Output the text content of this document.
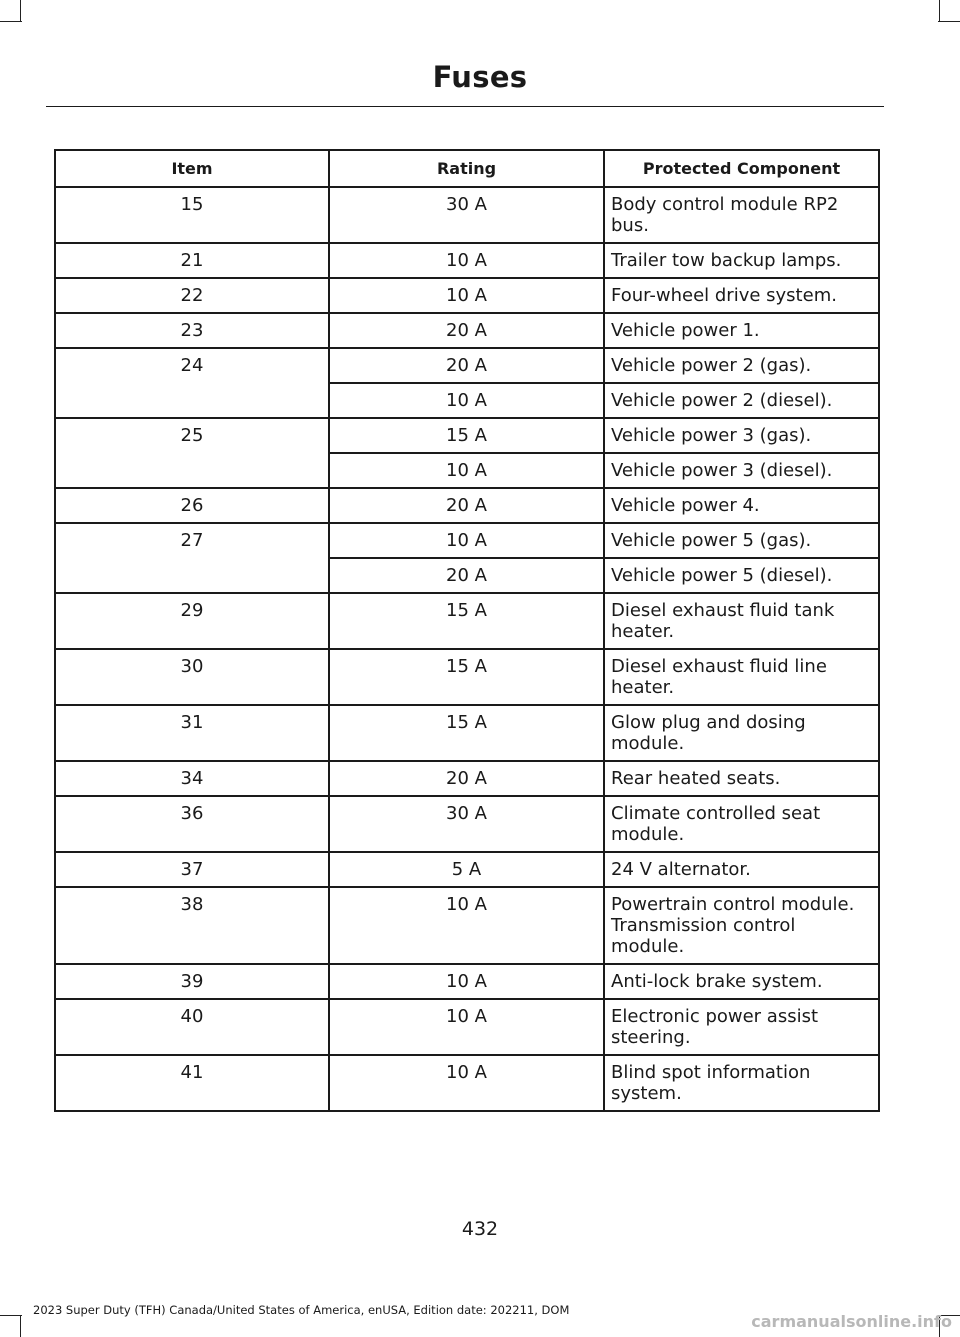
Fuses
Item	Rating	Protected Component
15	30 A	Body control module RP2 bus.
21	10 A	Trailer tow backup lamps.
22	10 A	Four-wheel drive system.
23	20 A	Vehicle power 1.
24	20 A	Vehicle power 2 (gas).
	10 A	Vehicle power 2 (diesel).
25	15 A	Vehicle power 3 (gas).
	10 A	Vehicle power 3 (diesel).
26	20 A	Vehicle power 4.
27	10 A	Vehicle power 5 (gas).
	20 A	Vehicle power 5 (diesel).
29	15 A	Diesel exhaust fluid tank heater.
30	15 A	Diesel exhaust fluid line heater.
31	15 A	Glow plug and dosing module.
34	20 A	Rear heated seats.
36	30 A	Climate controlled seat module.
37	5 A	24 V alternator.
38	10 A	Powertrain control module. Transmission control module.
39	10 A	Anti-lock brake system.
40	10 A	Electronic power assist steering.
41	10 A	Blind spot information system.
432
2023 Super Duty (TFH) Canada/United States of America, enUSA, Edition date: 202211, DOM
carmanualsonline.info
